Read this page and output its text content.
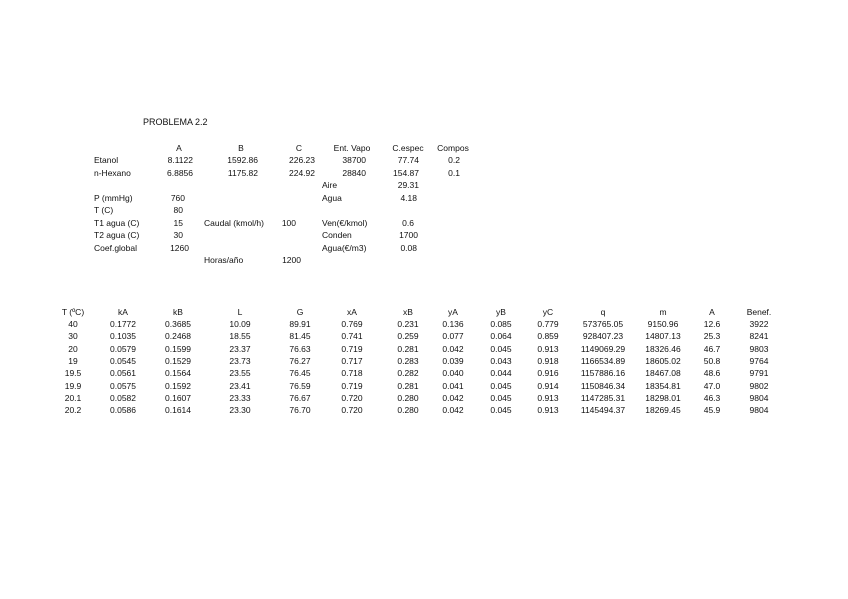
PROBLEMA 2.2
A	B	C	Ent. Vapo	C.espec Compos
Etanol	8.1122	1592.86	226.23	38700	77.74	0.2
n-Hexano	6.8856	1175.82	224.92	28840	154.87	0.1
Aire	29.31
Agua	4.18
P (mmHg)	760
T (C)	80
T1 agua (C)	15 Caudal (kmol/h) 100	Ven(€/kmol)	0.6
T2 agua (C)	30	Conden	1700
Coef.global	1260	Agua(€/m3)	0.08
Horas/año	1200
T (ºC)	kA	kB	L	G	xA	xB	yA	yB	yC	q	m	A	Benef.
40	0.1772	0.3685	10.09	89.91	0.769	0.231	0.136	0.085	0.779	573765.05	9150.96	12.6	3922
30	0.1035	0.2468	18.55	81.45	0.741	0.259	0.077	0.064	0.859	928407.23	14807.13	25.3	8241
20	0.0579	0.1599	23.37	76.63	0.719	0.281	0.042	0.045	0.913	1149069.29 18326.46	46.7	9803
19	0.0545	0.1529	23.73	76.27	0.717	0.283	0.039	0.043	0.918	1166534.89 18605.02	50.8	9764
19.5	0.0561	0.1564	23.55	76.45	0.718	0.282	0.040	0.044	0.916	1157886.16 18467.08	48.6	9791
19.9	0.0575	0.1592	23.41	76.59	0.719	0.281	0.041	0.045	0.914	1150846.34 18354.81	47.0	9802
20.1	0.0582	0.1607	23.33	76.67	0.720	0.280	0.042	0.045	0.913	1147285.31 18298.01	46.3	9804
20.2	0.0586	0.1614	23.30	76.70	0.720	0.280	0.042	0.045	0.913	1145494.37 18269.45	45.9	9804
